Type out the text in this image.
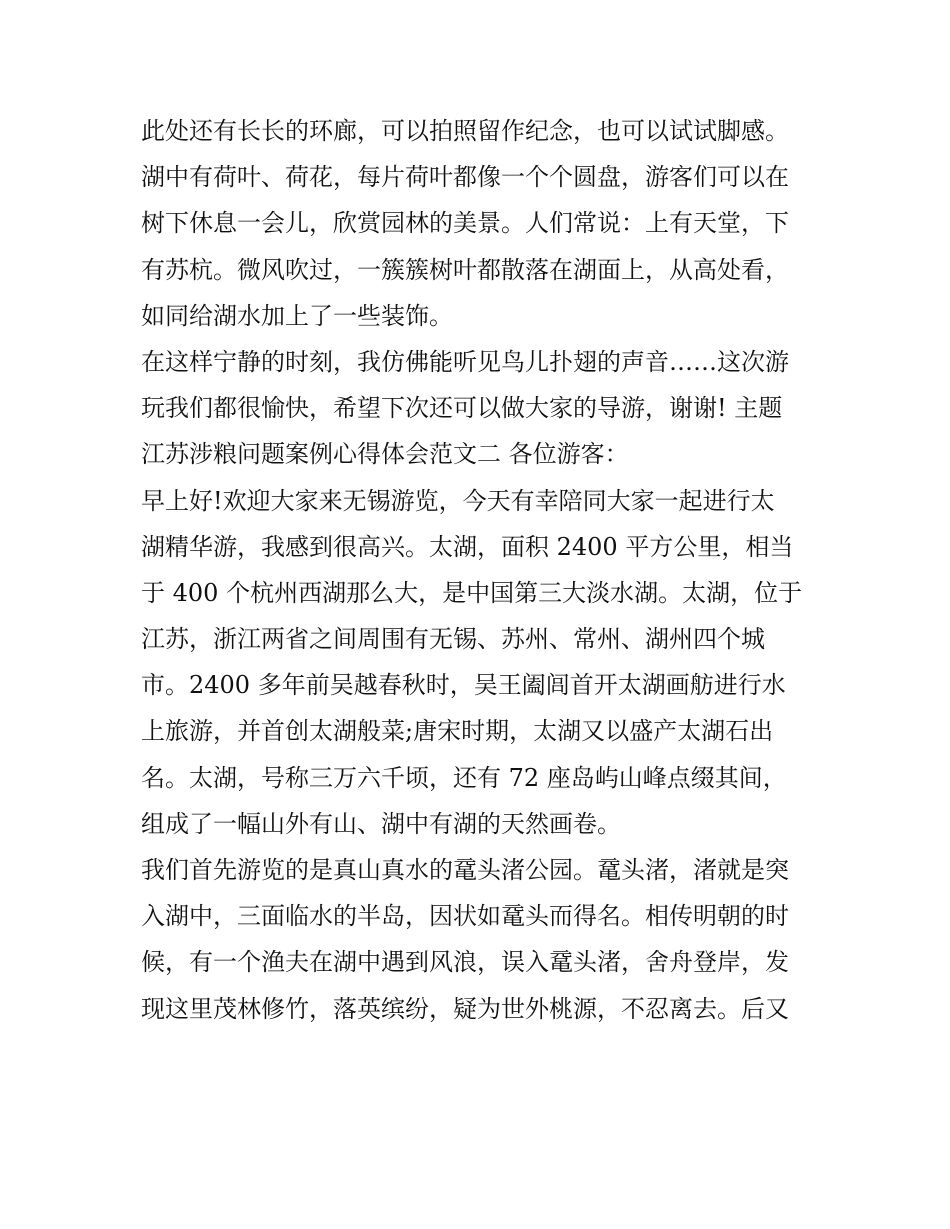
此处还有长长的环廊，可以拍照留作纪念，也可以试试脚感。
湖中有荷叶、荷花，每片荷叶都像一个个圆盘，游客们可以在
树下休息一会儿，欣赏园林的美景。人们常说：上有天堂，下
有苏杭。微风吹过，一簇簇树叶都散落在湖面上，从高处看，
如同给湖水加上了一些装饰。
在这样宁静的时刻，我仿佛能听见鸟儿扑翅的声音……这次游
玩我们都很愉快，希望下次还可以做大家的导游，谢谢! 主题
江苏涉粮问题案例心得体会范文二 各位游客：
早上好!欢迎大家来无锡游览，今天有幸陪同大家一起进行太
湖精华游，我感到很高兴。太湖，面积 2400 平方公里，相当
于 400 个杭州西湖那么大，是中国第三大淡水湖。太湖，位于
江苏，浙江两省之间周围有无锡、苏州、常州、湖州四个城
市。2400 多年前吴越春秋时，吴王阖闾首开太湖画舫进行水
上旅游，并首创太湖般菜;唐宋时期，太湖又以盛产太湖石出
名。太湖，号称三万六千顷，还有 72 座岛屿山峰点缀其间，
组成了一幅山外有山、湖中有湖的天然画卷。
我们首先游览的是真山真水的鼋头渚公园。鼋头渚，渚就是突
入湖中，三面临水的半岛，因状如鼋头而得名。相传明朝的时
候，有一个渔夫在湖中遇到风浪，误入鼋头渚，舍舟登岸，发
现这里茂林修竹，落英缤纷，疑为世外桃源，不忍离去。后又
